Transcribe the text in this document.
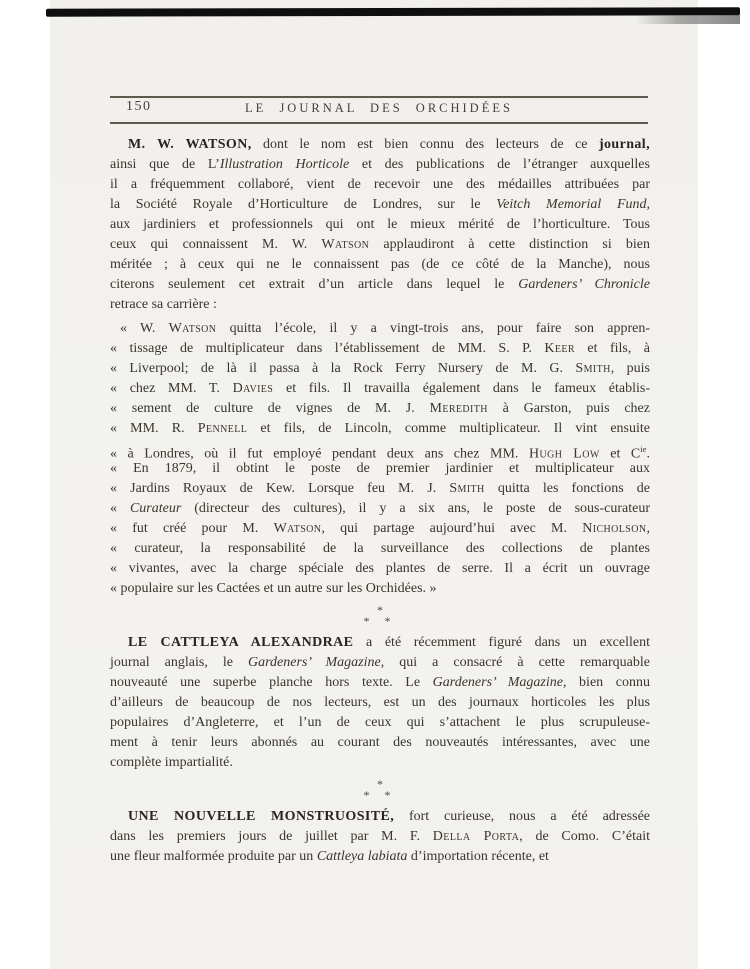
150	LE JOURNAL DES ORCHIDÉES
M. W. WATSON, dont le nom est bien connu des lecteurs de ce journal,
ainsi que de L’Illustration Horticole et des publications de l’étranger auxquelles
il a fréquemment collaboré, vient de recevoir une des médailles attribuées par
la Société Royale d’Horticulture de Londres, sur le Veitch Memorial Fund,
aux jardiniers et professionnels qui ont le mieux mérité de l’horticulture. Tous
ceux qui connaissent M. W. Watson applaudiront à cette distinction si bien
méritée ; à ceux qui ne le connaissent pas (de ce côté de la Manche), nous
citerons seulement cet extrait d’un article dans lequel le Gardeners’ Chronicle
retrace sa carrière :
« W. Watson quitta l’école, il y a vingt-trois ans, pour faire son appren-
« tissage de multiplicateur dans l’établissement de MM. S. P. Keer et fils, à
« Liverpool; de là il passa à la Rock Ferry Nursery de M. G. Smith, puis
« chez MM. T. Davies et fils. Il travailla également dans le fameux établis-
« sement de culture de vignes de M. J. Meredith à Garston, puis chez
« MM. R. Pennell et fils, de Lincoln, comme multiplicateur. Il vint ensuite
« à Londres, où il fut employé pendant deux ans chez MM. Hugh Low et $C^{ie}$.
« En 1879, il obtint le poste de premier jardinier et multiplicateur aux
« Jardins Royaux de Kew. Lorsque feu M. J. Smith quitta les fonctions de
« Curateur (directeur des cultures), il y a six ans, le poste de sous-curateur
« fut créé pour M. Watson, qui partage aujourd’hui avec M. Nicholson,
« curateur, la responsabilité de la surveillance des collections de plantes
« vivantes, avec la charge spéciale des plantes de serre. Il a écrit un ouvrage
« populaire sur les Cactées et un autre sur les Orchidées. »
*
* *
LE CATTLEYA ALEXANDRAE a été récemment figuré dans un excellent
journal anglais, le Gardeners’ Magazine, qui a consacré à cette remarquable
nouveauté une superbe planche hors texte. Le Gardeners’ Magazine, bien connu
d’ailleurs de beaucoup de nos lecteurs, est un des journaux horticoles les plus
populaires d’Angleterre, et l’un de ceux qui s’attachent le plus scrupuleuse-
ment à tenir leurs abonnés au courant des nouveautés intéressantes, avec une
complète impartialité.
*
* *
UNE NOUVELLE MONSTRUOSITÉ, fort curieuse, nous a été adressée
dans les premiers jours de juillet par M. F. Della Porta, de Como. C’était
une fleur malformée produite par un Cattleya labiata d’importation récente, et
